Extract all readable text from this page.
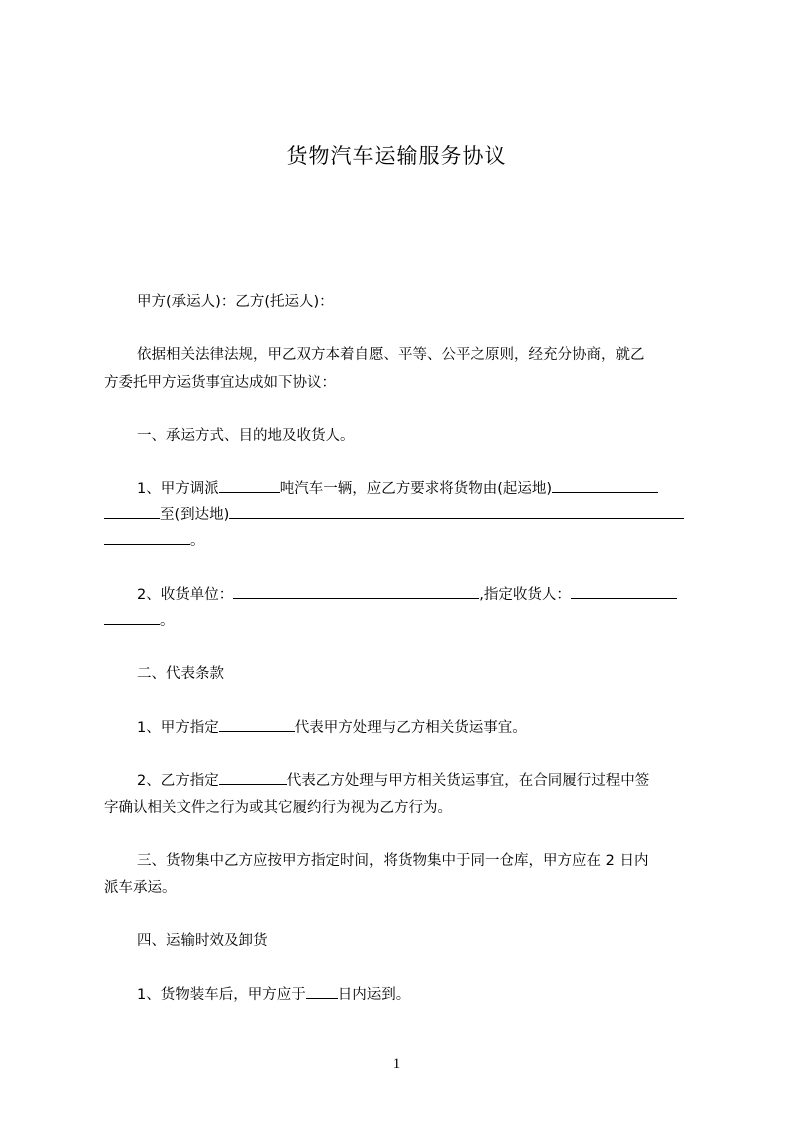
货物汽车运输服务协议
甲方(承运人)：乙方(托运人)：
依据相关法律法规，甲乙双方本着自愿、平等、公平之原则，经充分协商，就乙
方委托甲方运货事宜达成如下协议：
一、承运方式、目的地及收货人。
1、甲方调派	吨汽车一辆，应乙方要求将货物由(起运地)
至(到达地)
。
2、收货单位：	,指定收货人：
。
二、代表条款
1、甲方指定	代表甲方处理与乙方相关货运事宜。
2、乙方指定	代表乙方处理与甲方相关货运事宜，在合同履行过程中签
字确认相关文件之行为或其它履约行为视为乙方行为。
三、货物集中乙方应按甲方指定时间，将货物集中于同一仓库，甲方应在 2 日内
派车承运。
四、运输时效及卸货
1、货物装车后，甲方应于 日内运到。
1
